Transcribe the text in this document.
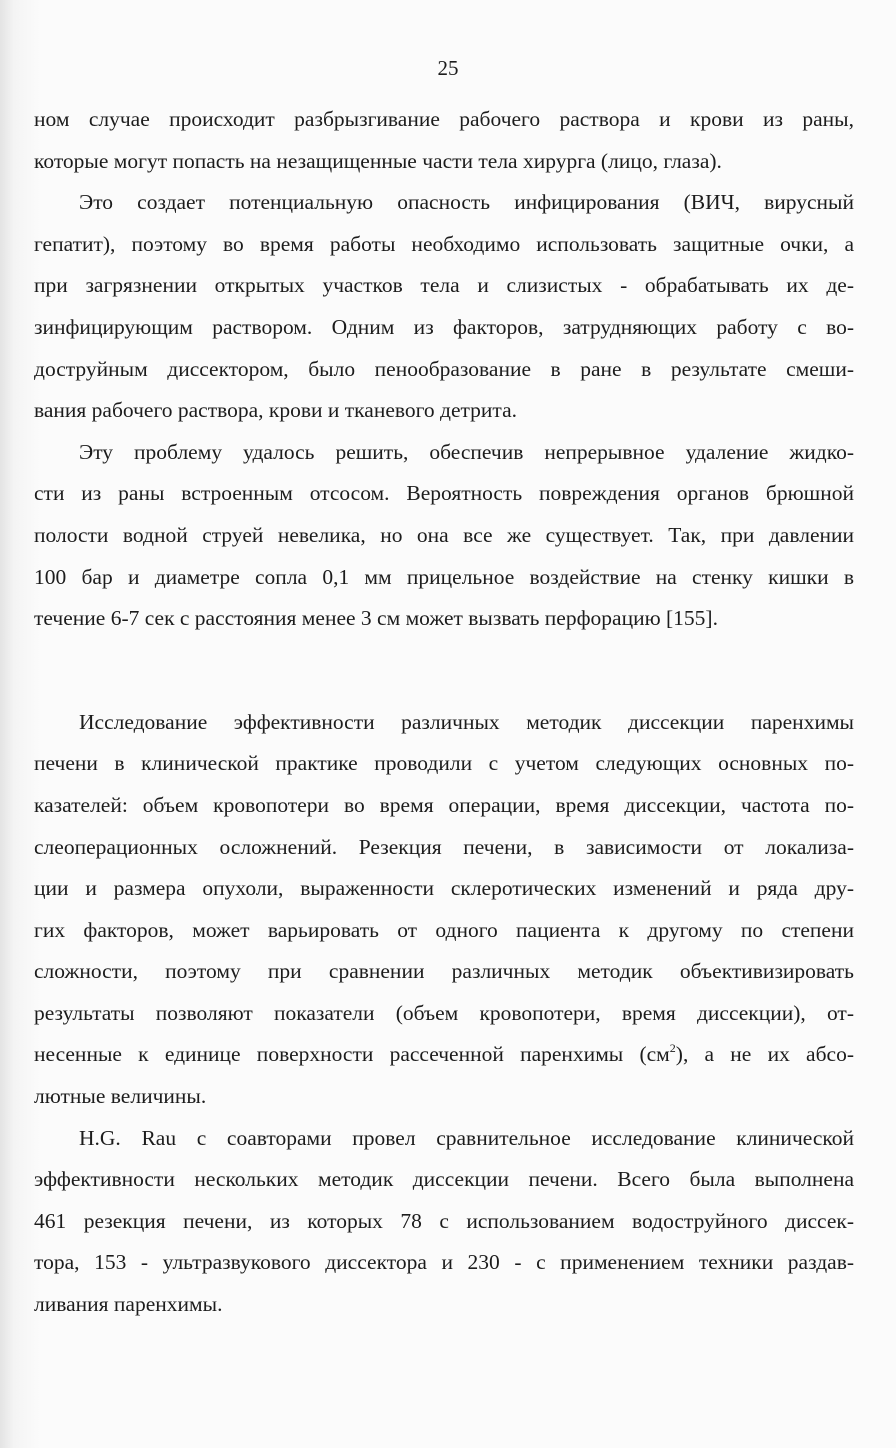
25

ном случае происходит разбрызгивание рабочего раствора и крови из раны,
которые могут попасть на незащищенные части тела хирурга (лицо, глаза).

Это создает потенциальную опасность инфицирования (ВИЧ, вирусный
гепатит), поэтому во время работы необходимо использовать защитные очки, а
при загрязнении открытых участков тела и слизистых - обрабатывать их де-
зинфицирующим раствором. Одним из факторов, затрудняющих работу с во-
доструйным диссектором, было пенообразование в ране в результате смеши-
вания рабочего раствора, крови и тканевого детрита.

Эту проблему удалось решить, обеспечив непрерывное удаление жидко-
сти из раны встроенным отсосом. Вероятность повреждения органов брюшной
полости водной струей невелика, но она все же существует. Так, при давлении
100 бар и диаметре сопла 0,1 мм прицельное воздействие на стенку кишки в
течение 6-7 сек с расстояния менее 3 см может вызвать перфорацию [155].

Исследование эффективности различных методик диссекции паренхимы
печени в клинической практике проводили с учетом следующих основных по-
казателей: объем кровопотери во время операции, время диссекции, частота по-
слеоперационных осложнений. Резекция печени, в зависимости от локализа-
ции и размера опухоли, выраженности склеротических изменений и ряда дру-
гих факторов, может варьировать от одного пациента к другому по степени
сложности, поэтому при сравнении различных методик объективизировать
результаты позволяют показатели (объем кровопотери, время диссекции), от-
несенные к единице поверхности рассеченной паренхимы $(см^2)$, а не их абсо-
лютные величины.

H.G. Rau с соавторами провел сравнительное исследование клинической
эффективности нескольких методик диссекции печени. Всего была выполнена
461 резекция печени, из которых 78 с использованием водоструйного диссек-
тора, 153 - ультразвукового диссектора и 230 - с применением техники раздав-
ливания паренхимы.
